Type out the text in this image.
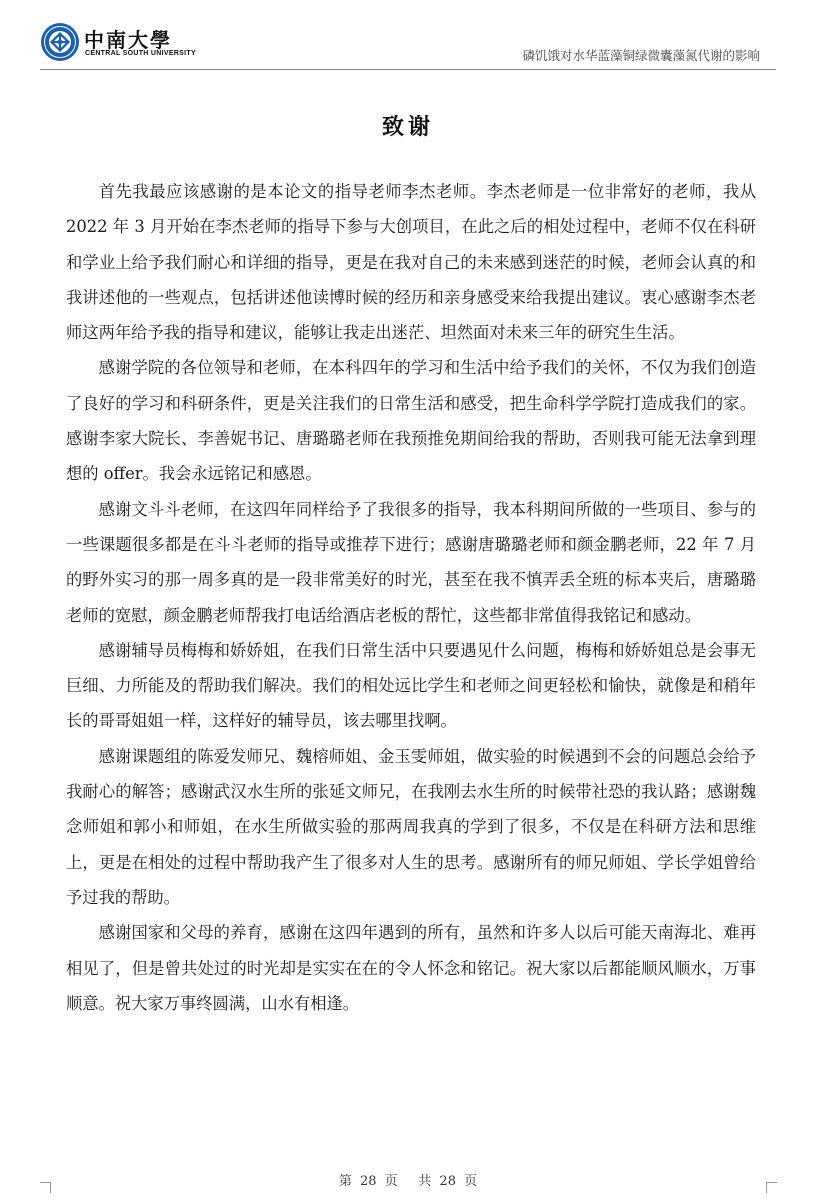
中南大學
CENTRAL SOUTH UNIVERSITY	磷饥饿对水华蓝藻铜绿微囊藻氮代谢的影响
致谢

首先我最应该感谢的是本论文的指导老师李杰老师。李杰老师是一位非常好的老师，我从 2022 年 3 月开始在李杰老师的指导下参与大创项目，在此之后的相处过程中，老师不仅在科研和学业上给予我们耐心和详细的指导，更是在我对自己的未来感到迷茫的时候，老师会认真的和我讲述他的一些观点，包括讲述他读博时候的经历和亲身感受来给我提出建议。衷心感谢李杰老师这两年给予我的指导和建议，能够让我走出迷茫、坦然面对未来三年的研究生生活。

感谢学院的各位领导和老师，在本科四年的学习和生活中给予我们的关怀，不仅为我们创造了良好的学习和科研条件，更是关注我们的日常生活和感受，把生命科学学院打造成我们的家。感谢李家大院长、李善妮书记、唐璐璐老师在我预推免期间给我的帮助，否则我可能无法拿到理想的 offer。我会永远铭记和感恩。

感谢文斗斗老师，在这四年同样给予了我很多的指导，我本科期间所做的一些项目、参与的一些课题很多都是在斗斗老师的指导或推荐下进行；感谢唐璐璐老师和颜金鹏老师，22 年 7 月的野外实习的那一周多真的是一段非常美好的时光，甚至在我不慎弄丢全班的标本夹后，唐璐璐老师的宽慰，颜金鹏老师帮我打电话给酒店老板的帮忙，这些都非常值得我铭记和感动。

感谢辅导员梅梅和娇娇姐，在我们日常生活中只要遇见什么问题，梅梅和娇娇姐总是会事无巨细、力所能及的帮助我们解决。我们的相处远比学生和老师之间更轻松和愉快，就像是和稍年长的哥哥姐姐一样，这样好的辅导员，该去哪里找啊。

感谢课题组的陈爱发师兄、魏榕师姐、金玉雯师姐，做实验的时候遇到不会的问题总会给予我耐心的解答；感谢武汉水生所的张延文师兄，在我刚去水生所的时候带社恐的我认路；感谢魏念师姐和郭小和师姐，在水生所做实验的那两周我真的学到了很多，不仅是在科研方法和思维上，更是在相处的过程中帮助我产生了很多对人生的思考。感谢所有的师兄师姐、学长学姐曾给予过我的帮助。

感谢国家和父母的养育，感谢在这四年遇到的所有，虽然和许多人以后可能天南海北、难再相见了，但是曾共处过的时光却是实实在在的令人怀念和铭记。祝大家以后都能顺风顺水，万事顺意。祝大家万事终圆满，山水有相逢。

第 28 页 共 28 页
